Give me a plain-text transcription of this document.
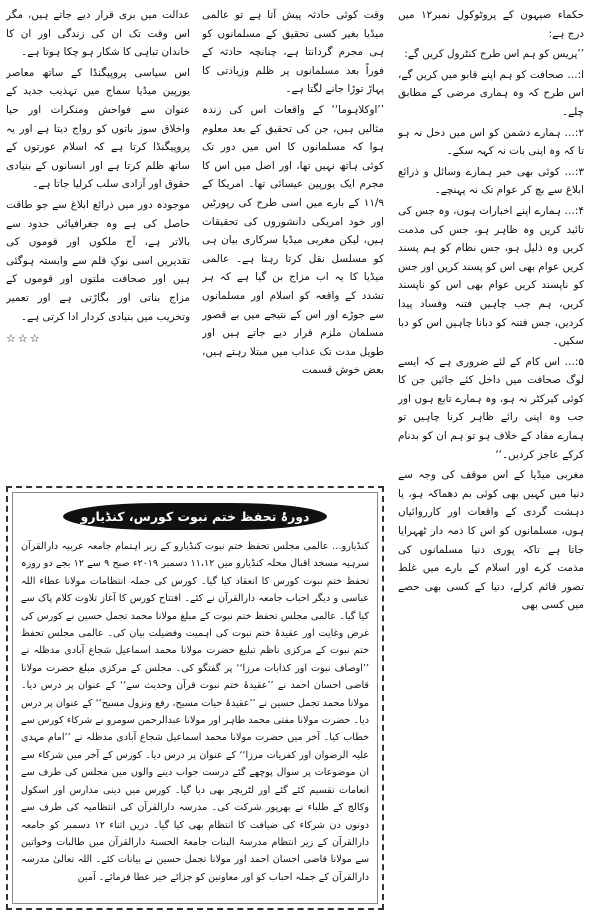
حکماء صیہون کے پروٹوکول نمبر۱۲ میں درج ہے:

’’پریس کو ہم اس طرح کنٹرول کریں گے:

ا:… صحافت کو ہم اپنے قابو میں کریں گے، اس طرح کہ وہ ہماری مرضی کے مطابق چلے۔

۲:… ہمارے دشمن کو اس میں دخل نہ ہو تا کہ وہ اپنی بات نہ کہہ سکے۔

۳:… کوئی بھی خبر ہمارے وسائل و ذرائع ابلاغ سے بچ کر عوام تک نہ پہنچے۔

۴:… ہمارے اپنے اخبارات ہوں، وہ جس کی تائید کریں وہ ظاہر ہو، جس کی مذمت کریں وہ ذلیل ہو، جس نظام کو ہم پسند کریں عوام بھی اس کو پسند کریں اور جس کو ناپسند کریں عوام بھی اس کو ناپسند کریں، ہم جب چاہیں فتنہ وفساد پیدا کردیں، جس فتنہ کو دبانا چاہیں اس کو دبا سکیں۔

۵:… اس کام کے لئے ضروری ہے کہ ایسے لوگ صحافت میں داخل کئے جائیں جن کا کوئی کیرکٹر نہ ہو، وہ ہمارے تابع ہوں اور جب وہ اپنی رائے ظاہر کرنا چاہیں تو ہمارے مفاد کے خلاف ہو تو ہم ان کو بدنام کرکے عاجز کردیں۔‘‘

مغربی میڈیا کے اس موقف کی وجہ سے دنیا میں کہیں بھی کوئی بم دھماکہ ہو، یا دہشت گردی کے واقعات اور کارروائیاں ہوں، مسلمانوں کو اس کا ذمہ دار ٹھہرایا جاتا ہے تاکہ پوری دنیا مسلمانوں کی مذمت کرے اور اسلام کے بارے میں غلط تصور قائم کرلے، دنیا کے کسی بھی حصے میں کسی بھی

وقت کوئی حادثہ پیش آتا ہے تو عالمی میڈیا بغیر کسی تحقیق کے مسلمانوں کو ہی مجرم گردانتا ہے، چنانچہ حادثہ کے فوراً بعد مسلمانوں پر ظلم وزیادتی کا پہاڑ توڑا جانے لگتا ہے۔

’’اوکلاہوما‘‘ کے واقعات اس کی زندہ مثالیں ہیں، جن کی تحقیق کے بعد معلوم ہوا کہ مسلمانوں کا اس میں دور تک کوئی ہاتھ نہیں تھا، اور اصل میں اس کا مجرم ایک یورپین عیسائی تھا۔ امریکا کے ۱۱/۹ کے بارے میں اسی طرح کی رپورٹیں اور خود امریکی دانشوروں کی تحقیقات ہیں، لیکن مغربی میڈیا سرکاری بیان ہی کو مسلسل نقل کرتا رہتا ہے۔ عالمی میڈیا کا یہ اب مزاج بن گیا ہے کہ ہر تشدد کے واقعہ کو اسلام اور مسلمانوں سے جوڑے اور اس کے نتیجے میں بے قصور مسلمان ملزم قرار دیے جاتے ہیں اور طویل مدت تک عذاب میں مبتلا رہتے ہیں، بعض خوش قسمت

عدالت میں بری قرار دیے جاتے ہیں، مگر اس وقت تک ان کی زندگی اور ان کا خاندان تباہی کا شکار ہو چکا ہوتا ہے۔

اس سیاسی پروپیگنڈا کے ساتھ معاصر یورپین میڈیا سماج میں تہذیب جدید کے عنوان سے فواحش ومنکرات اور حیا واخلاق سوز باتوں کو رواج دیتا ہے اور یہ پروپیگنڈا کرتا ہے کہ اسلام عورتوں کے ساتھ ظلم کرتا ہے اور انسانوں کے بنیادی حقوق اور آزادی سلب کرلیا جاتا ہے۔

موجودہ دور میں ذرائع ابلاغ سے جو طاقت حاصل کی ہے وہ جغرافیائی حدود سے بالاتر ہے، آج ملکوں اور قوموں کی تقدیریں اسی نوکِ قلم سے وابستہ ہوگئی ہیں اور صحافت ملتوں اور قوموں کے مزاج بناتی اور بگاڑتی ہے اور تعمیر وتخریب میں بنیادی کردار ادا کرتی ہے۔

☆☆☆
دورۂ تحفظ ختم نبوت کورس، کنڈیارو

کنڈیارو… عالمی مجلس تحفظ ختم نبوت کنڈیارو کے زیر اہتمام جامعہ عربیہ دارالقرآن سرہیہ مسجد اقبال محلہ کنڈیارو میں ۱۱،۱۲ دسمبر ۲۰۱۹ء صبح ۹ سے ۱۲ بجے دو روزہ تحفظ ختم نبوت کورس کا انعقاد کیا گیا۔ کورس کی جملہ انتظامات مولانا عطاء اللہ عباسی و دیگر احباب جامعہ دارالقرآن نے کئے۔ افتتاح کورس کا آغاز تلاوت کلام پاک سے کیا گیا۔ عالمی مجلس تحفظ ختم نبوت کے مبلغ مولانا محمد تجمل حسین نے کورس کی غرض وغایت اور عقیدۂ ختم نبوت کی اہمیت وفضیلت بیان کی۔ عالمی مجلس تحفظ ختم نبوت کے مرکزی ناظم تبلیغ حضرت مولانا محمد اسماعیل شجاع آبادی مدظلہ نے ’’اوصاف نبوت اور کذابات مرزا‘‘ پر گفتگو کی۔ مجلس کے مرکزی مبلغ حضرت مولانا قاضی احسان احمد نے ’’عقیدۂ ختم نبوت قرآن وحدیث سے‘‘ کے عنوان پر درس دیا۔ مولانا محمد تجمل حسین نے ’’عقیدۂ حیات مسیح، رفع ونزول مسیح‘‘ کے عنوان پر درس دیا۔ حضرت مولانا مفتی محمد طاہر اور مولانا عبدالرحمن سومرو نے شرکاء کورس سے خطاب کیا۔ آخر میں حضرت مولانا محمد اسماعیل شجاع آبادی مدظلہ نے ’’امام مہدی علیہ الرضوان اور کفریات مرزا‘‘ کے عنوان پر درس دیا۔ کورس کے آخر میں شرکاء سے ان موضوعات پر سوال پوچھے گئے درست جواب دینے والوں میں مجلس کی طرف سے انعامات تقسیم کئے گئے اور لٹریچر بھی دیا گیا۔ کورس میں دینی مدارس اور اسکول وکالج کے طلباء نے بھرپور شرکت کی۔ مدرسہ دارالقرآن کی انتظامیہ کی طرف سے دونوں دن شرکاء کی ضیافت کا انتظام بھی کیا گیا۔ دریں اثناء ۱۲ دسمبر کو جامعہ دارالقرآن کے زیر انتظام مدرسۃ البنات جامعۃ الحسنۃ دارالقرآن میں طالبات وخواتین سے مولانا قاضی احسان احمد اور مولانا تجمل حسین نے بیانات کئے۔ اللہ تعالیٰ مدرسہ دارالقرآن کے جملہ احباب کو اور معاونین کو جزائے خیر عطا فرمائے۔ آمین
